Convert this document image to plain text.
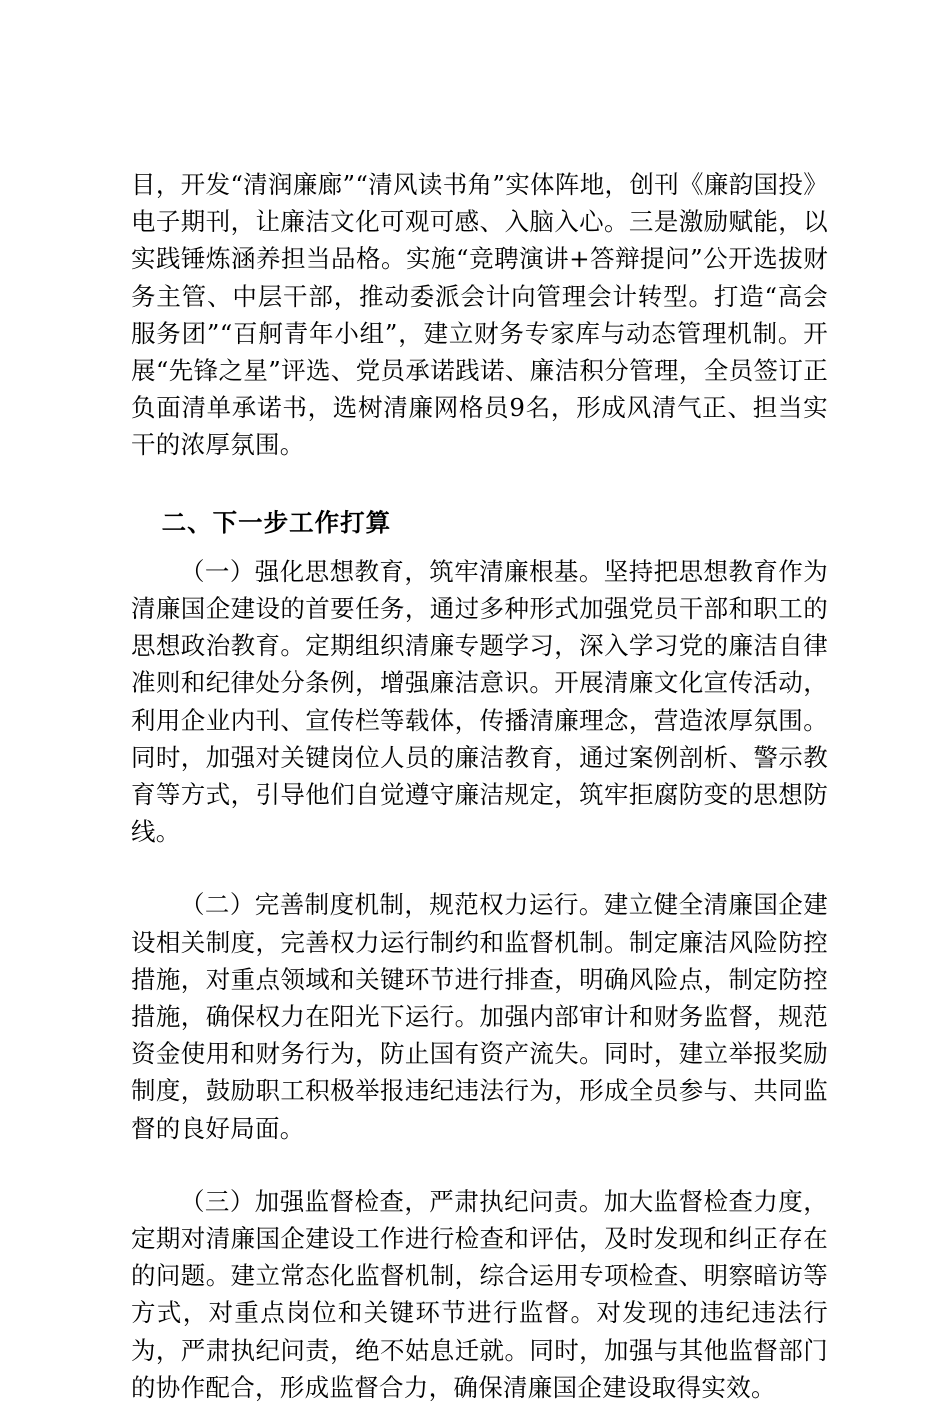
目，开发“清润廉廊”“清风读书角”实体阵地，创刊《廉韵国投》电子期刊，让廉洁文化可观可感、入脑入心。三是激励赋能，以实践锤炼涵养担当品格。实施“竞聘演讲+答辩提问”公开选拔财务主管、中层干部，推动委派会计向管理会计转型。打造“高会服务团”“百舸青年小组”，建立财务专家库与动态管理机制。开展“先锋之星”评选、党员承诺践诺、廉洁积分管理，全员签订正负面清单承诺书，选树清廉网格员9名，形成风清气正、担当实干的浓厚氛围。

二、下一步工作打算

（一）强化思想教育，筑牢清廉根基。坚持把思想教育作为清廉国企建设的首要任务，通过多种形式加强党员干部和职工的思想政治教育。定期组织清廉专题学习，深入学习党的廉洁自律准则和纪律处分条例，增强廉洁意识。开展清廉文化宣传活动，利用企业内刊、宣传栏等载体，传播清廉理念，营造浓厚氛围。同时，加强对关键岗位人员的廉洁教育，通过案例剖析、警示教育等方式，引导他们自觉遵守廉洁规定，筑牢拒腐防变的思想防线。

（二）完善制度机制，规范权力运行。建立健全清廉国企建设相关制度，完善权力运行制约和监督机制。制定廉洁风险防控措施，对重点领域和关键环节进行排查，明确风险点，制定防控措施，确保权力在阳光下运行。加强内部审计和财务监督，规范资金使用和财务行为，防止国有资产流失。同时，建立举报奖励制度，鼓励职工积极举报违纪违法行为，形成全员参与、共同监督的良好局面。

（三）加强监督检查，严肃执纪问责。加大监督检查力度，定期对清廉国企建设工作进行检查和评估，及时发现和纠正存在的问题。建立常态化监督机制，综合运用专项检查、明察暗访等方式，对重点岗位和关键环节进行监督。对发现的违纪违法行为，严肃执纪问责，绝不姑息迁就。同时，加强与其他监督部门的协作配合，形成监督合力，确保清廉国企建设取得实效。
